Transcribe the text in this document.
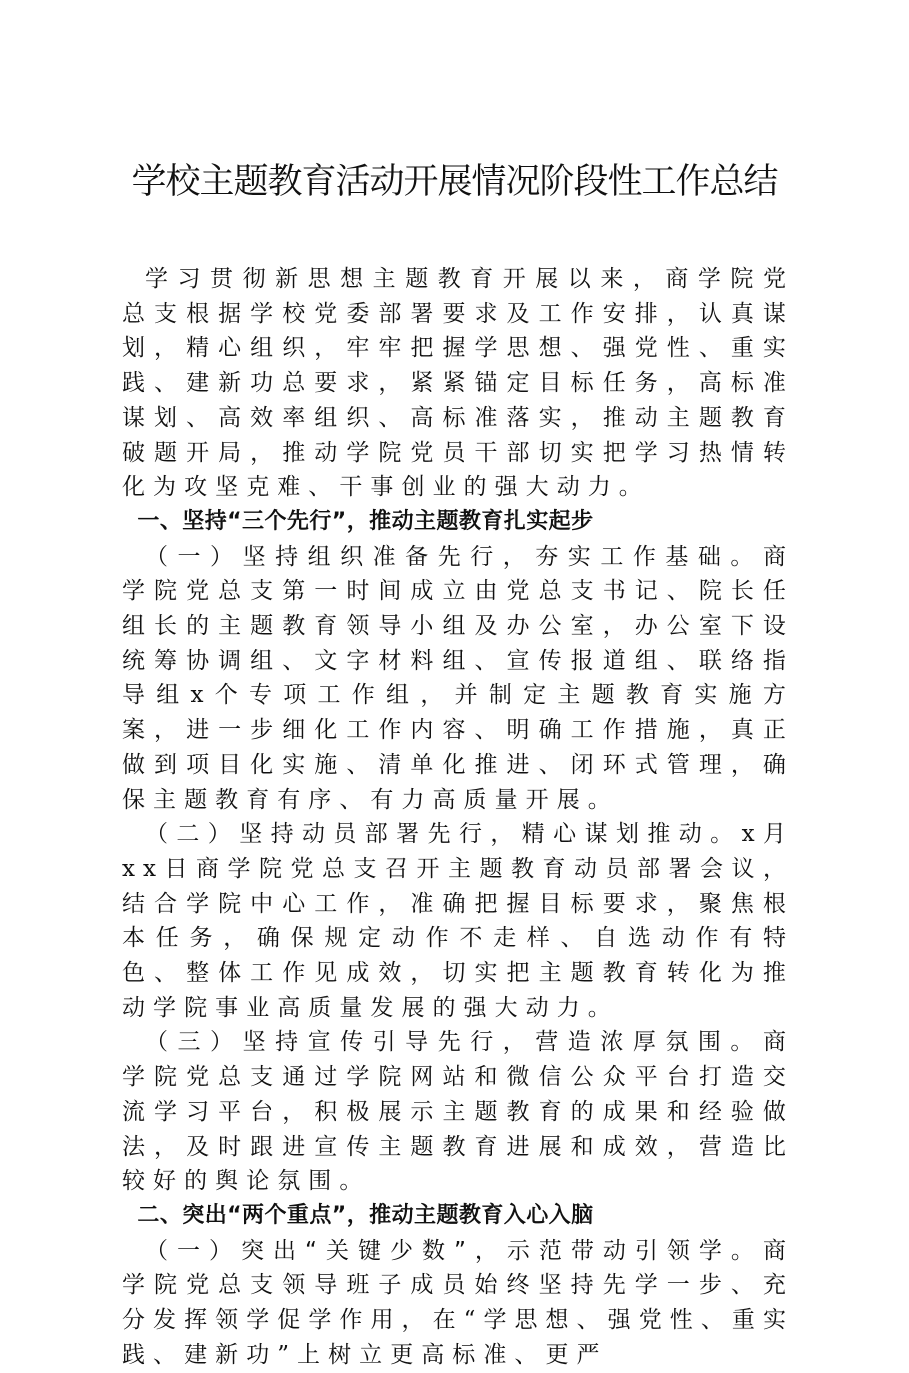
学校主题教育活动开展情况阶段性工作总结

学习贯彻新思想主题教育开展以来，商学院党总支根据学校党委部署要求及工作安排，认真谋划，精心组织，牢牢把握学思想、强党性、重实践、建新功总要求，紧紧锚定目标任务，高标准谋划、高效率组织、高标准落实，推动主题教育破题开局，推动学院党员干部切实把学习热情转化为攻坚克难、干事创业的强大动力。

一、坚持“三个先行”，推动主题教育扎实起步

（一）坚持组织准备先行，夯实工作基础。商学院党总支第一时间成立由党总支书记、院长任组长的主题教育领导小组及办公室，办公室下设统筹协调组、文字材料组、宣传报道组、联络指导组x个专项工作组，并制定主题教育实施方案，进一步细化工作内容、明确工作措施，真正做到项目化实施、清单化推进、闭环式管理，确保主题教育有序、有力高质量开展。

（二）坚持动员部署先行，精心谋划推动。x月xx日商学院党总支召开主题教育动员部署会议，结合学院中心工作，准确把握目标要求，聚焦根本任务，确保规定动作不走样、自选动作有特色、整体工作见成效，切实把主题教育转化为推动学院事业高质量发展的强大动力。

（三）坚持宣传引导先行，营造浓厚氛围。商学院党总支通过学院网站和微信公众平台打造交流学习平台，积极展示主题教育的成果和经验做法，及时跟进宣传主题教育进展和成效，营造比较好的舆论氛围。

二、突出“两个重点”，推动主题教育入心入脑

（一）突出“关键少数”，示范带动引领学。商学院党总支领导班子成员始终坚持先学一步、充分发挥领学促学作用，在“学思想、强党性、重实践、建新功”上树立更高标准、更严
